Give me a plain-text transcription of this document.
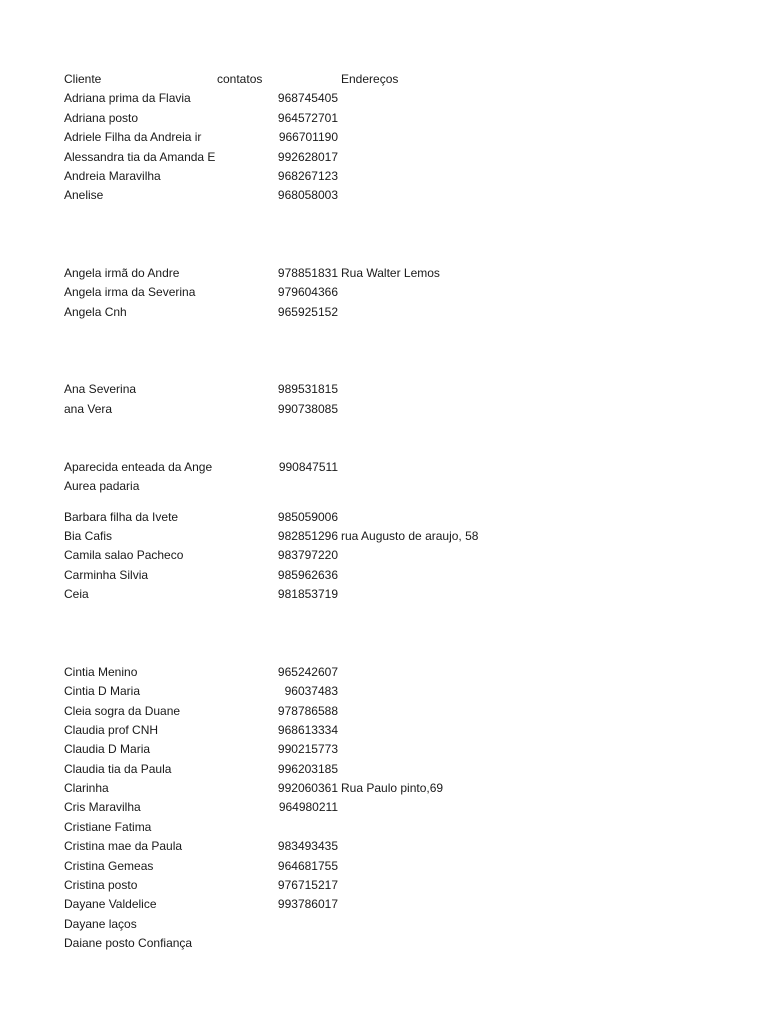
Cliente	contatos	Endereços
Adriana prima da Flavia	968745405
Adriana posto	964572701
Adriele Filha da Andreia ir	966701190
Alessandra tia da Amanda E	992628017
Andreia Maravilha	968267123
Anelise	968058003
Angela irmã do Andre	978851831 Rua Walter Lemos
Angela irma da Severina	979604366
Angela Cnh	965925152
Ana Severina	989531815
ana Vera	990738085
Aparecida enteada da Ange	990847511
Aurea padaria
Barbara filha da Ivete	985059006
Bia Cafis	982851296 rua Augusto de araujo, 58
Camila salao Pacheco	983797220
Carminha Silvia	985962636
Ceia	981853719
Cintia Menino	965242607
Cintia D Maria	96037483
Cleia sogra da Duane	978786588
Claudia prof CNH	968613334
Claudia D Maria	990215773
Claudia tia da Paula	996203185
Clarinha	992060361 Rua Paulo pinto,69
Cris Maravilha	964980211
Cristiane Fatima
Cristina mae da Paula	983493435
Cristina Gemeas	964681755
Cristina posto	976715217
Dayane Valdelice	993786017
Dayane laços
Daiane posto Confiança
